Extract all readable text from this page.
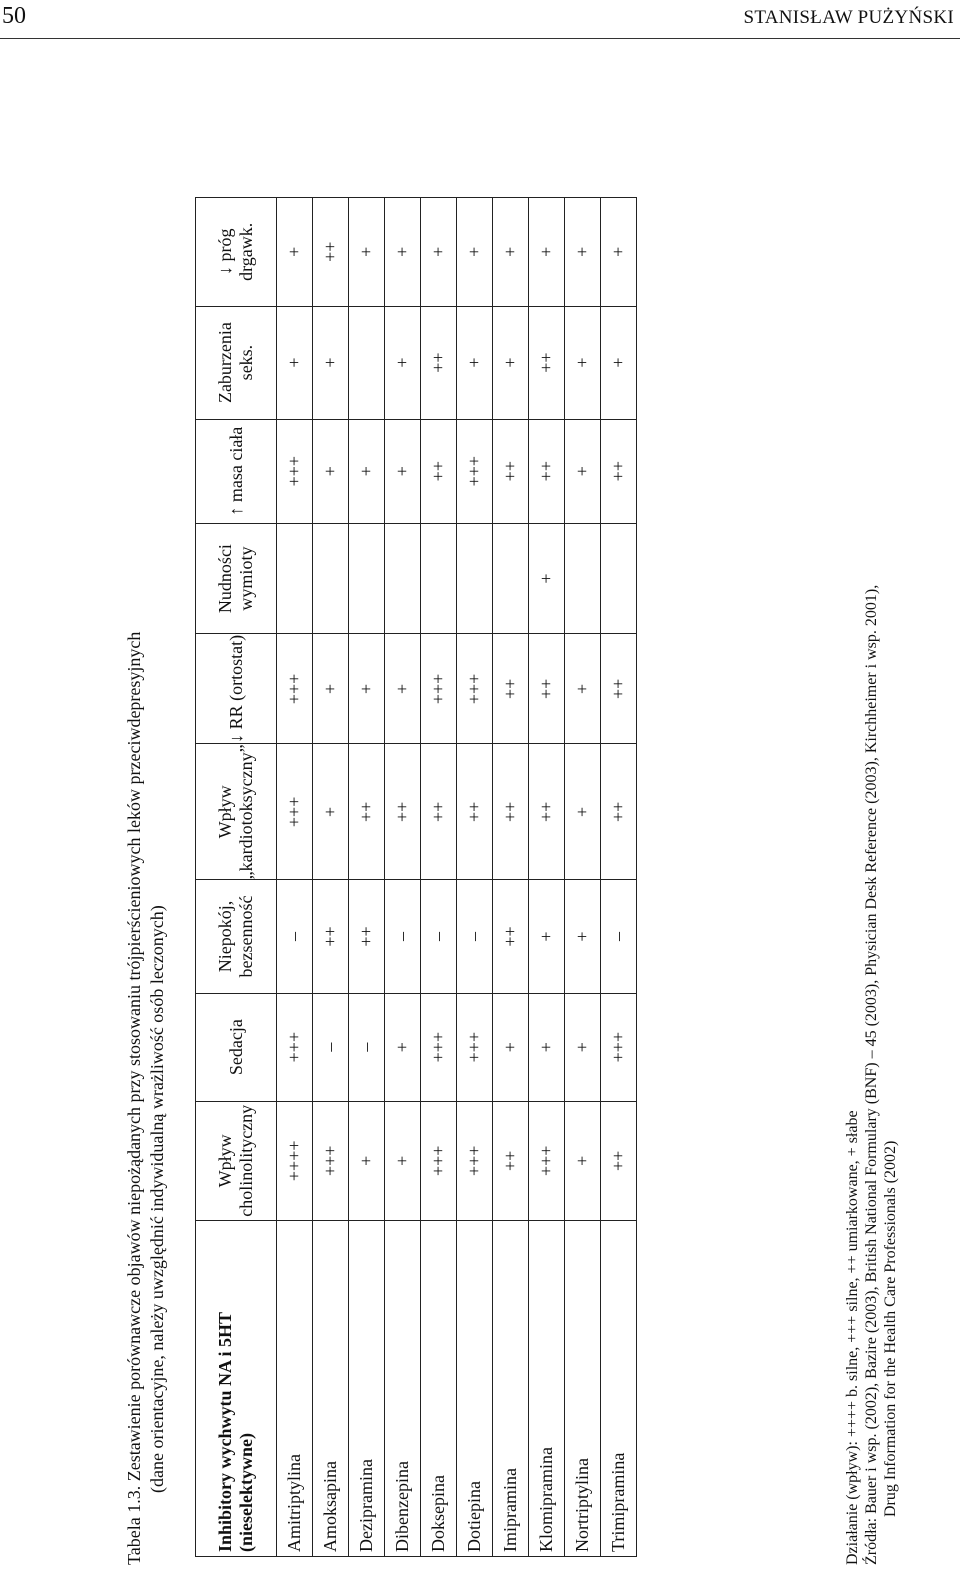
50	STANISŁAW PUŻYŃSKI
Tabela 1.3. Zestawienie porównawcze objawów niepożądanych przy stosowaniu trójpierścieniowych leków przeciwdepresyjnych (dane orientacyjne, należy uwzględnić indywidualną wrażliwość osób leczonych)	Inhibitory wychwytu NA i 5HT (nieselektywne)	Wpływ cholinolityczny	Sedacja	Niepokój, bezsenność	Wpływ „kardiotoksyczny”	↓ RR (ortostat)	Nudności wymioty	↑ masa ciała	Zaburzenia seks.	↓ próg drgawk.
Amitriptylina	++++	+++	–	+++	+++		+++	+	+
Amoksapina	+++	–	++	+	+		+	+	++
Dezipramina	+	–	++	++	+		+		+
Dibenzepina	+	+	–	++	+		+	+	+
Doksepina	+++	+++	–	++	+++		++	++	+
Dotiepina	+++	+++	–	++	+++		+++	+	+
Imipramina	++	+	++	++	++		++	+	+
Klomipramina	+++	+	+	++	++	+	++	++	+
Nortriptylina	+	+	+	+	+		+	+	+
Trimipramina	++	+++	–	++	++		++	+	+
Działanie (wpływ): ++++ b. silne, +++ silne, ++ umiarkowane, + słabe Źródła: Bauer i wsp. (2002), Bazire (2003), British National Formulary (BNF) – 45 (2003), Physician Desk Reference (2003), Kirchheimer i wsp. 2001), Drug Information for the Health Care Professionals (2002)
